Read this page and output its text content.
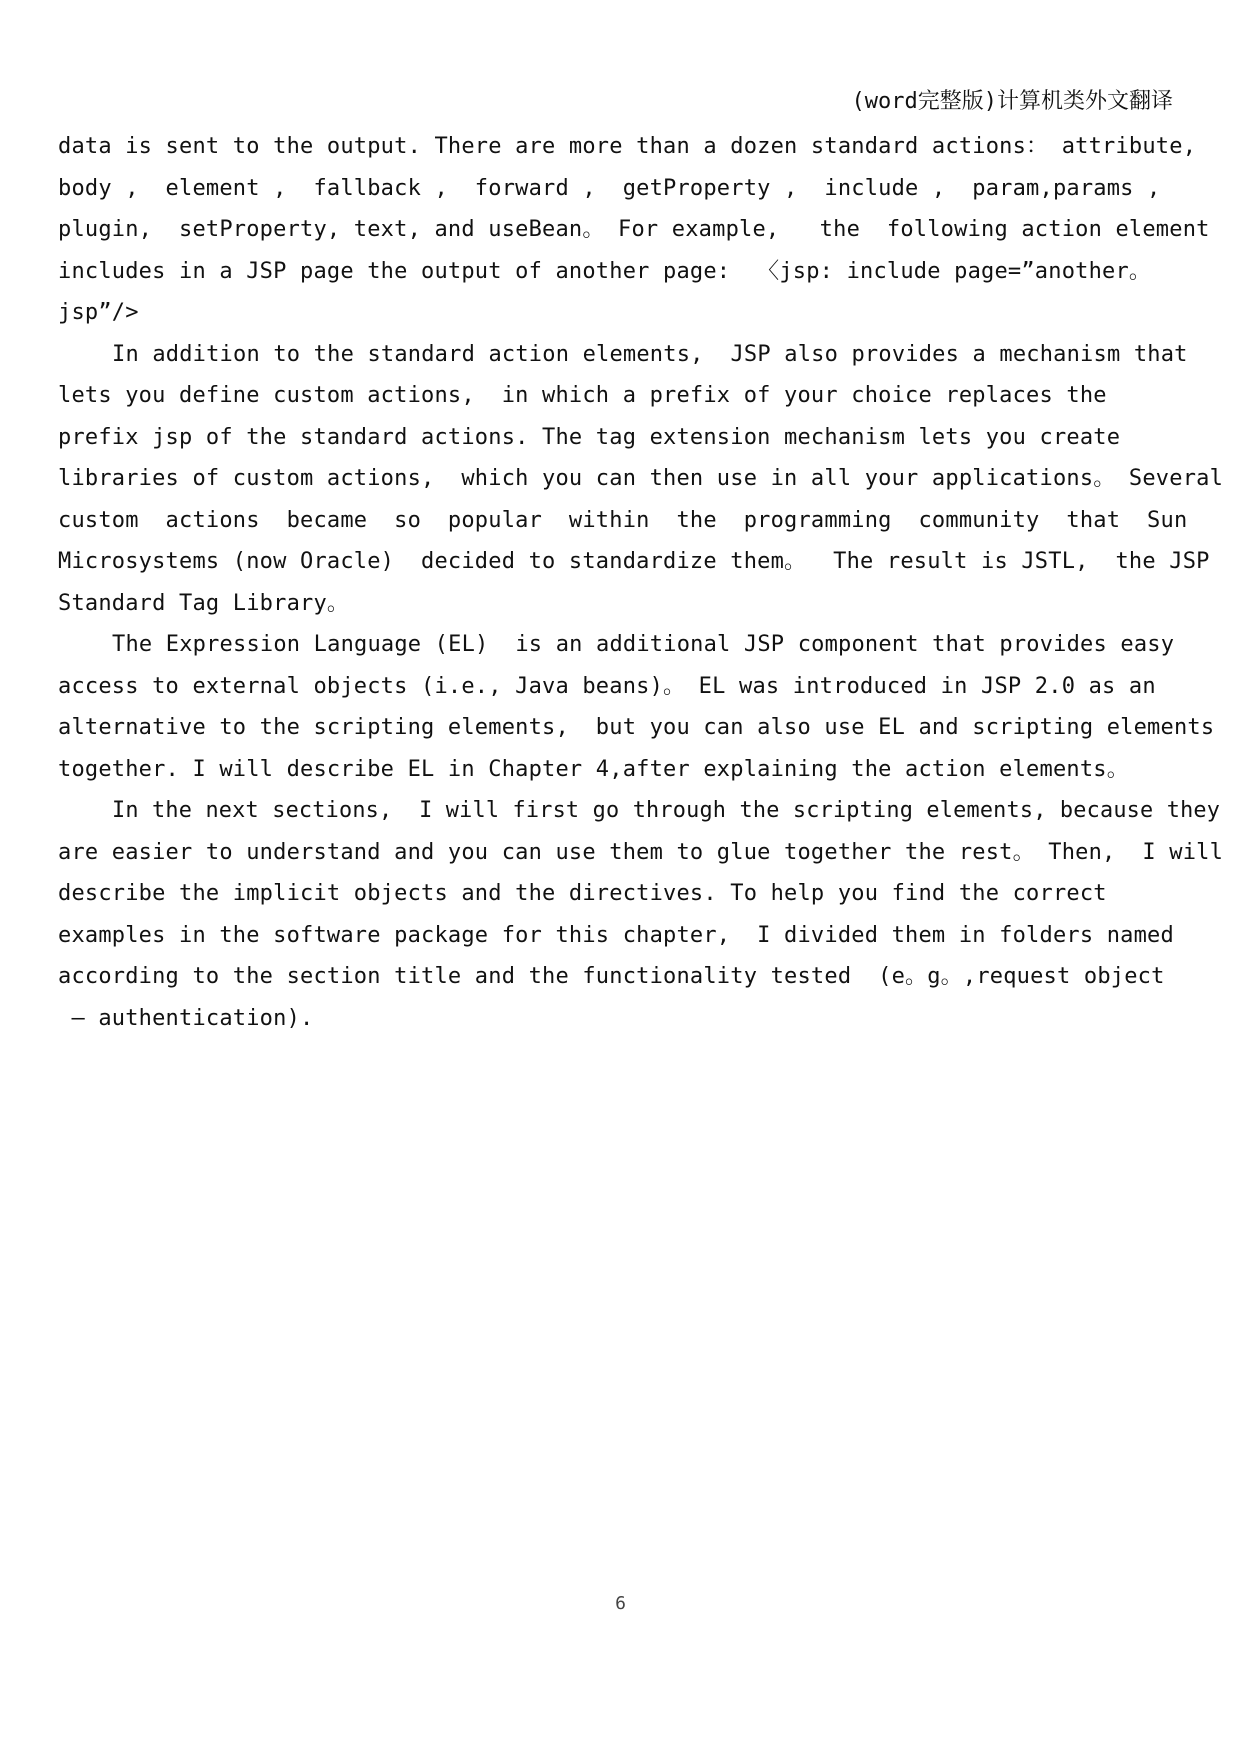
(word完整版)计算机类外文翻译
data is sent to the output. There are more than a dozen standard actions： attribute,
body ,  element ,  fallback ,  forward ,  getProperty ,  include ,  param,params ,
plugin,  setProperty, text, and useBean。 For example,   the  following action element
includes in a JSP page the output of another page:  〈jsp: include page=”another。
jsp”/>
In addition to the standard action elements,  JSP also provides a mechanism that
lets you define custom actions,  in which a prefix of your choice replaces the
prefix jsp of the standard actions. The tag extension mechanism lets you create
libraries of custom actions,  which you can then use in all your applications。 Several
custom  actions  became  so  popular  within  the  programming  community  that  Sun
Microsystems (now Oracle)  decided to standardize them。  The result is JSTL,  the JSP
Standard Tag Library。
The Expression Language (EL)  is an additional JSP component that provides easy
access to external objects (i.e., Java beans)。 EL was introduced in JSP 2.0 as an
alternative to the scripting elements,  but you can also use EL and scripting elements
together. I will describe EL in Chapter 4,after explaining the action elements。
In the next sections,  I will first go through the scripting elements, because they
are easier to understand and you can use them to glue together the rest。 Then,  I will
describe the implicit objects and the directives. To help you find the correct
examples in the software package for this chapter,  I divided them in folders named
according to the section title and the functionality tested  (e。g。,request object
– authentication).
6
